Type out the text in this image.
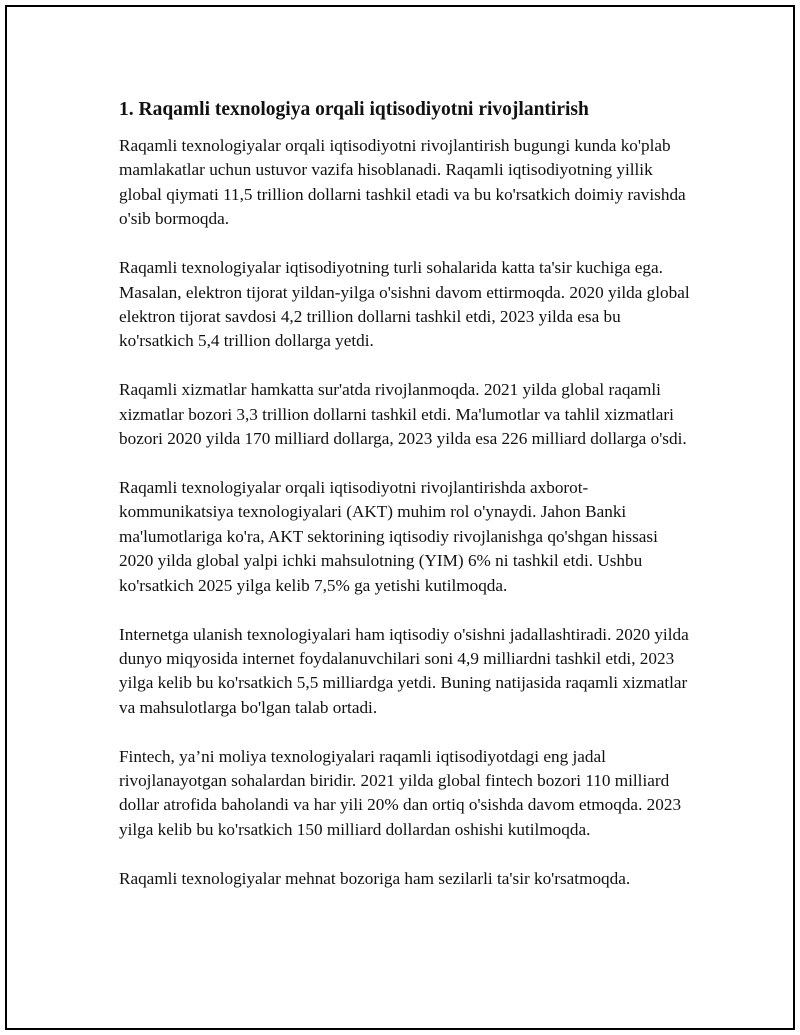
1. Raqamli texnologiya orqali iqtisodiyotni rivojlantirish

Raqamli texnologiyalar orqali iqtisodiyotni rivojlantirish bugungi kunda ko'plab mamlakatlar uchun ustuvor vazifa hisoblanadi. Raqamli iqtisodiyotning yillik global qiymati 11,5 trillion dollarni tashkil etadi va bu ko'rsatkich doimiy ravishda o'sib bormoqda.

Raqamli texnologiyalar iqtisodiyotning turli sohalarida katta ta'sir kuchiga ega. Masalan, elektron tijorat yildan-yilga o'sishni davom ettirmoqda. 2020 yilda global elektron tijorat savdosi 4,2 trillion dollarni tashkil etdi, 2023 yilda esa bu ko'rsatkich 5,4 trillion dollarga yetdi.

Raqamli xizmatlar hamkatta sur'atda rivojlanmoqda. 2021 yilda global raqamli xizmatlar bozori 3,3 trillion dollarni tashkil etdi. Ma'lumotlar va tahlil xizmatlari bozori 2020 yilda 170 milliard dollarga, 2023 yilda esa 226 milliard dollarga o'sdi.

Raqamli texnologiyalar orqali iqtisodiyotni rivojlantirishda axborot-kommunikatsiya texnologiyalari (AKT) muhim rol o'ynaydi. Jahon Banki ma'lumotlariga ko'ra, AKT sektorining iqtisodiy rivojlanishga qo'shgan hissasi 2020 yilda global yalpi ichki mahsulotning (YIM) 6% ni tashkil etdi. Ushbu ko'rsatkich 2025 yilga kelib 7,5% ga yetishi kutilmoqda.

Internetga ulanish texnologiyalari ham iqtisodiy o'sishni jadallashtiradi. 2020 yilda dunyo miqyosida internet foydalanuvchilari soni 4,9 milliardni tashkil etdi, 2023 yilga kelib bu ko'rsatkich 5,5 milliardga yetdi. Buning natijasida raqamli xizmatlar va mahsulotlarga bo'lgan talab ortadi.

Fintech, ya’ni moliya texnologiyalari raqamli iqtisodiyotdagi eng jadal rivojlanayotgan sohalardan biridir. 2021 yilda global fintech bozori 110 milliard dollar atrofida baholandi va har yili 20% dan ortiq o'sishda davom etmoqda. 2023 yilga kelib bu ko'rsatkich 150 milliard dollardan oshishi kutilmoqda.

Raqamli texnologiyalar mehnat bozoriga ham sezilarli ta'sir ko'rsatmoqda.
